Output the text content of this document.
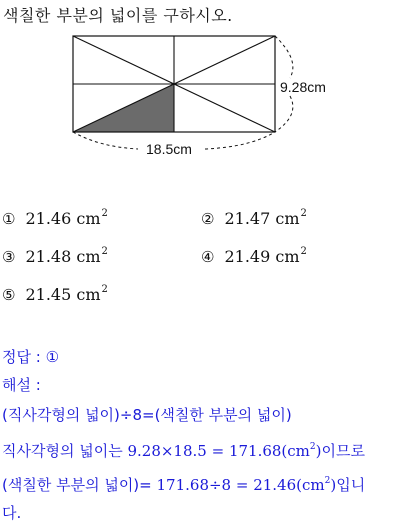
색칠한 부분의 넓이를 구하시오.
9.28cm
18.5cm
① 21.46 $cm^2$	② 21.47 $cm^2$
③ 21.48 $cm^2$	④ 21.49 $cm^2$
⑤ 21.45 $cm^2$
정답 : ①
해설 :
(직사각형의 넓이)÷8=(색칠한 부분의 넓이)
직사각형의 넓이는 $9.28\times 18.5 = 171.68(cm^2)$이므로
(색칠한 부분의 넓이)= $171.68\div 8 = 21.46(cm^2)$입니
다.
